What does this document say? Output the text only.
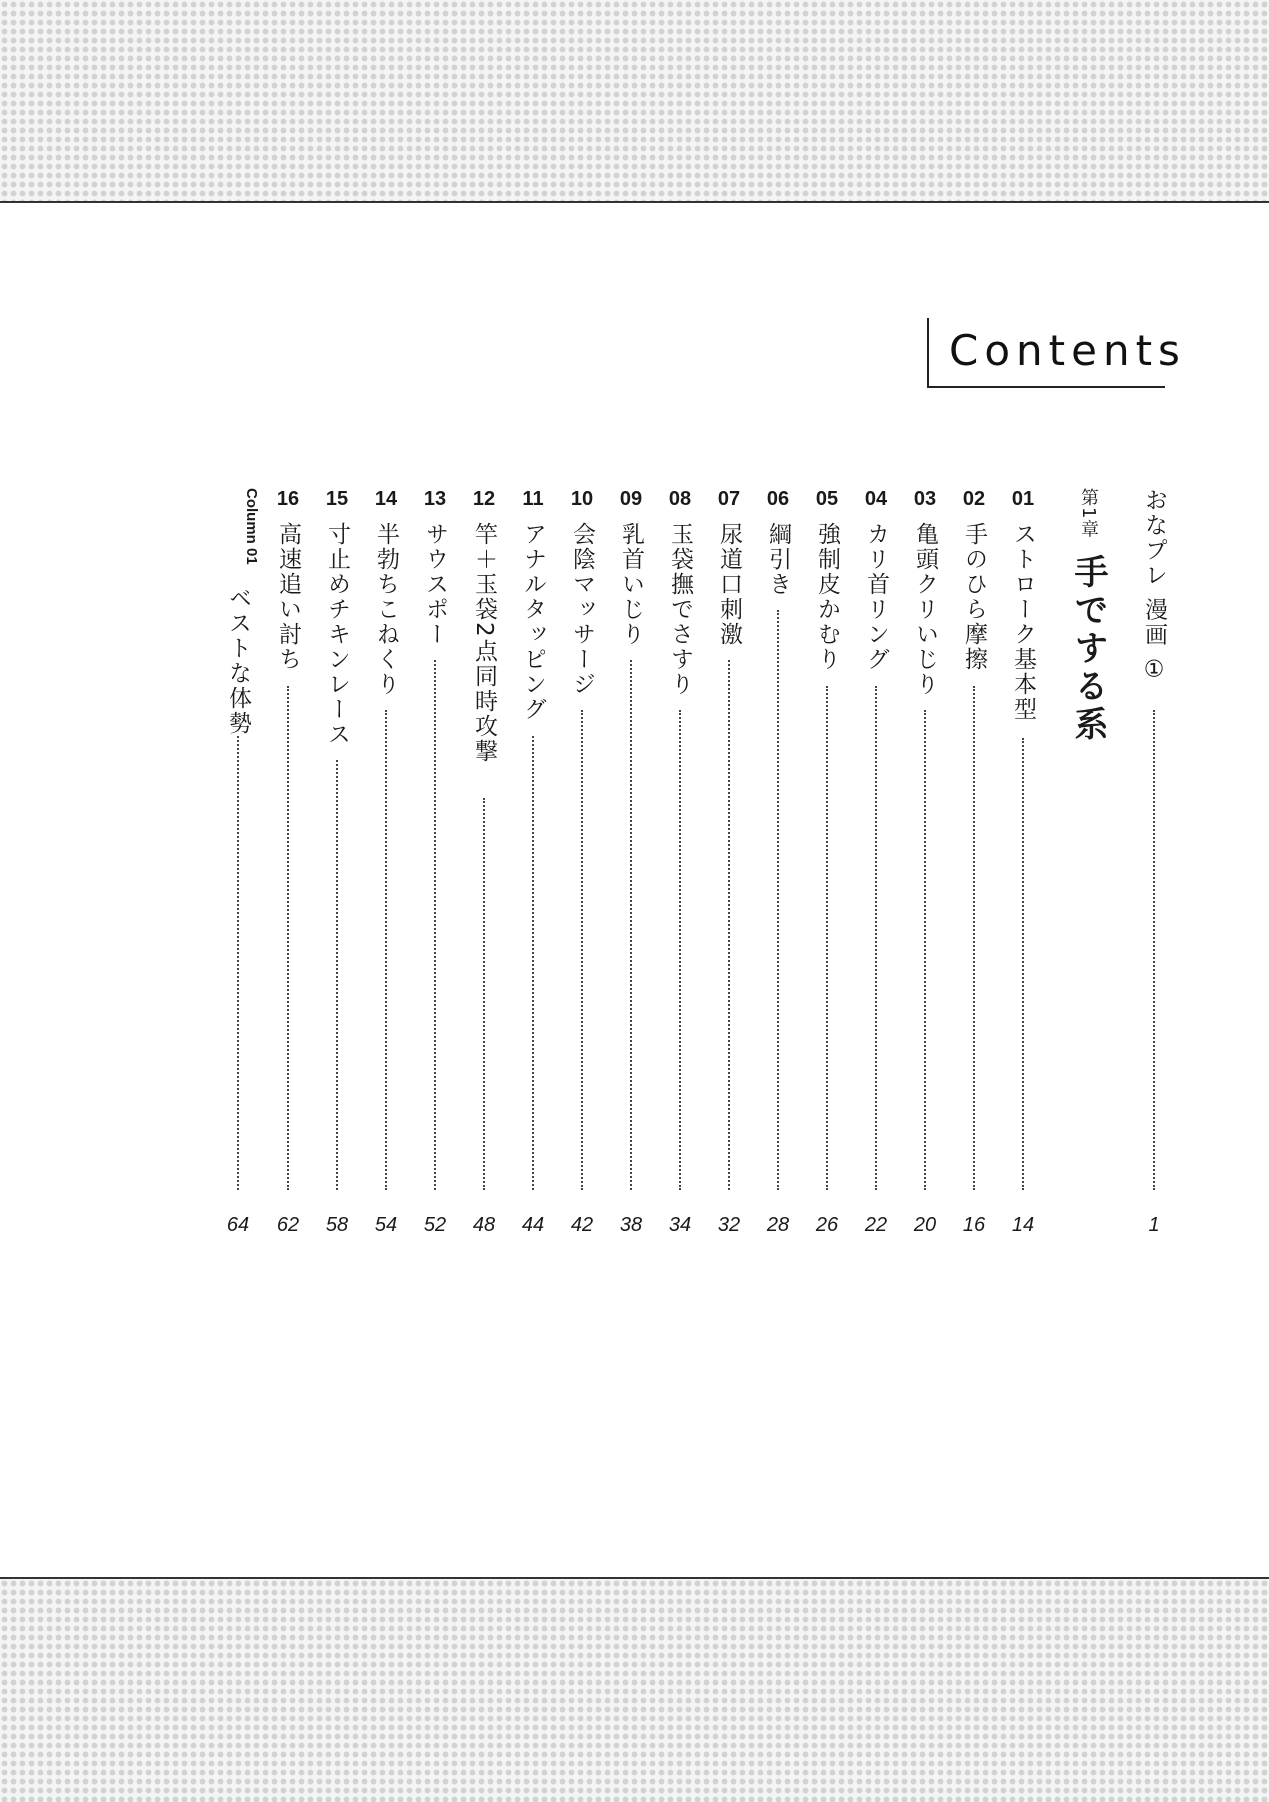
Contents
おなプレ 漫画 ①
1
第1章 手でする系
01
ストローク基本型
14
02
手のひら摩擦
16
03
亀頭クリいじり
20
04
カリ首リング
22
05
強制皮かむり
26
06
綱引き
28
07
尿道口刺激
32
08
玉袋撫でさすり
34
09
乳首いじり
38
10
会陰マッサージ
42
11
アナルタッピング
44
12
竿＋玉袋2点同時攻撃
48
13
サウスポー
52
14
半勃ちこねくり
54
15
寸止めチキンレース
58
16
高速追い討ち
62
Column 01
ベストな体勢
64
